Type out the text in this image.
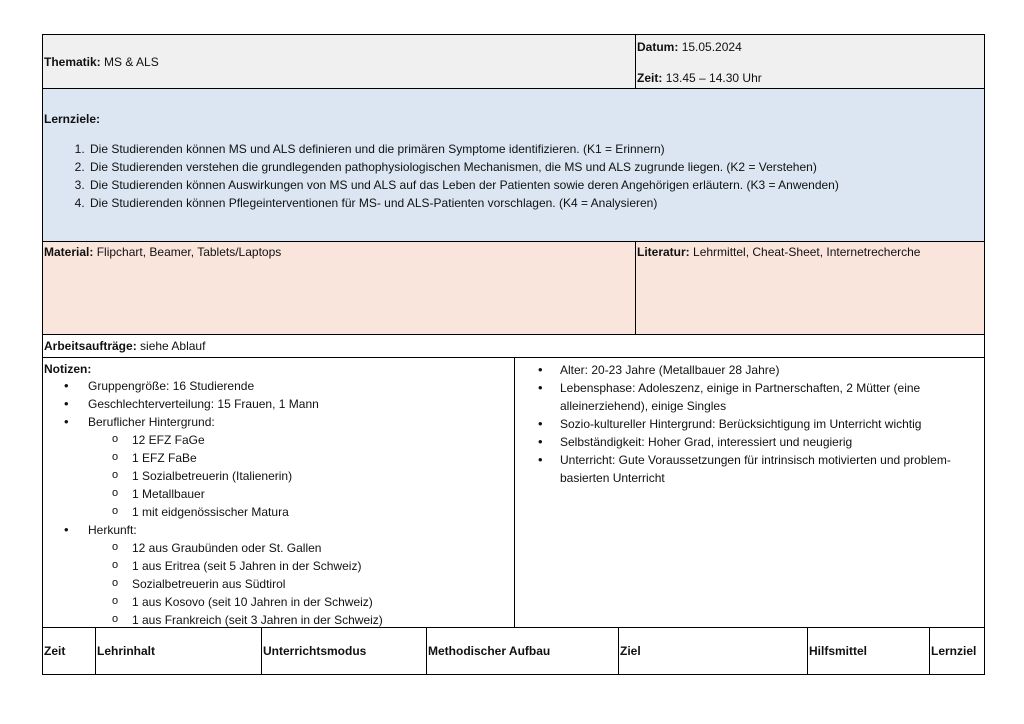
Thematik: MS & ALS
Datum: 15.05.2024
Zeit: 13.45 – 14.30 Uhr
Lernziele:
1. Die Studierenden können MS und ALS definieren und die primären Symptome identifizieren. (K1 = Erinnern)
2. Die Studierenden verstehen die grundlegenden pathophysiologischen Mechanismen, die MS und ALS zugrunde liegen. (K2 = Verstehen)
3. Die Studierenden können Auswirkungen von MS und ALS auf das Leben der Patienten sowie deren Angehörigen erläutern. (K3 = Anwenden)
4. Die Studierenden können Pflegeinterventionen für MS- und ALS-Patienten vorschlagen. (K4 = Analysieren)
Material: Flipchart, Beamer, Tablets/Laptops	Literatur: Lehrmittel, Cheat-Sheet, Internetrecherche
Arbeitsaufträge: siehe Ablauf
Notizen:
• Gruppengröße: 16 Studierende
• Geschlechterverteilung: 15 Frauen, 1 Mann
• Beruflicher Hintergrund:
o 12 EFZ FaGe
o 1 EFZ FaBe
o 1 Sozialbetreuerin (Italienerin)
o 1 Metallbauer
o 1 mit eidgenössischer Matura
• Herkunft:
o 12 aus Graubünden oder St. Gallen
o 1 aus Eritrea (seit 5 Jahren in der Schweiz)
o Sozialbetreuerin aus Südtirol
o 1 aus Kosovo (seit 10 Jahren in der Schweiz)
o 1 aus Frankreich (seit 3 Jahren in der Schweiz)
• Alter: 20-23 Jahre (Metallbauer 28 Jahre)
• Lebensphase: Adoleszenz, einige in Partnerschaften, 2 Mütter (eine alleinerziehend), einige Singles
• Sozio-kultureller Hintergrund: Berücksichtigung im Unterricht wichtig
• Selbständigkeit: Hoher Grad, interessiert und neugierig
• Unterricht: Gute Voraussetzungen für intrinsisch motivierten und problem-basierten Unterricht
Zeit	Lehrinhalt	Unterrichtsmodus	Methodischer Aufbau	Ziel	Hilfsmittel	Lernziel
